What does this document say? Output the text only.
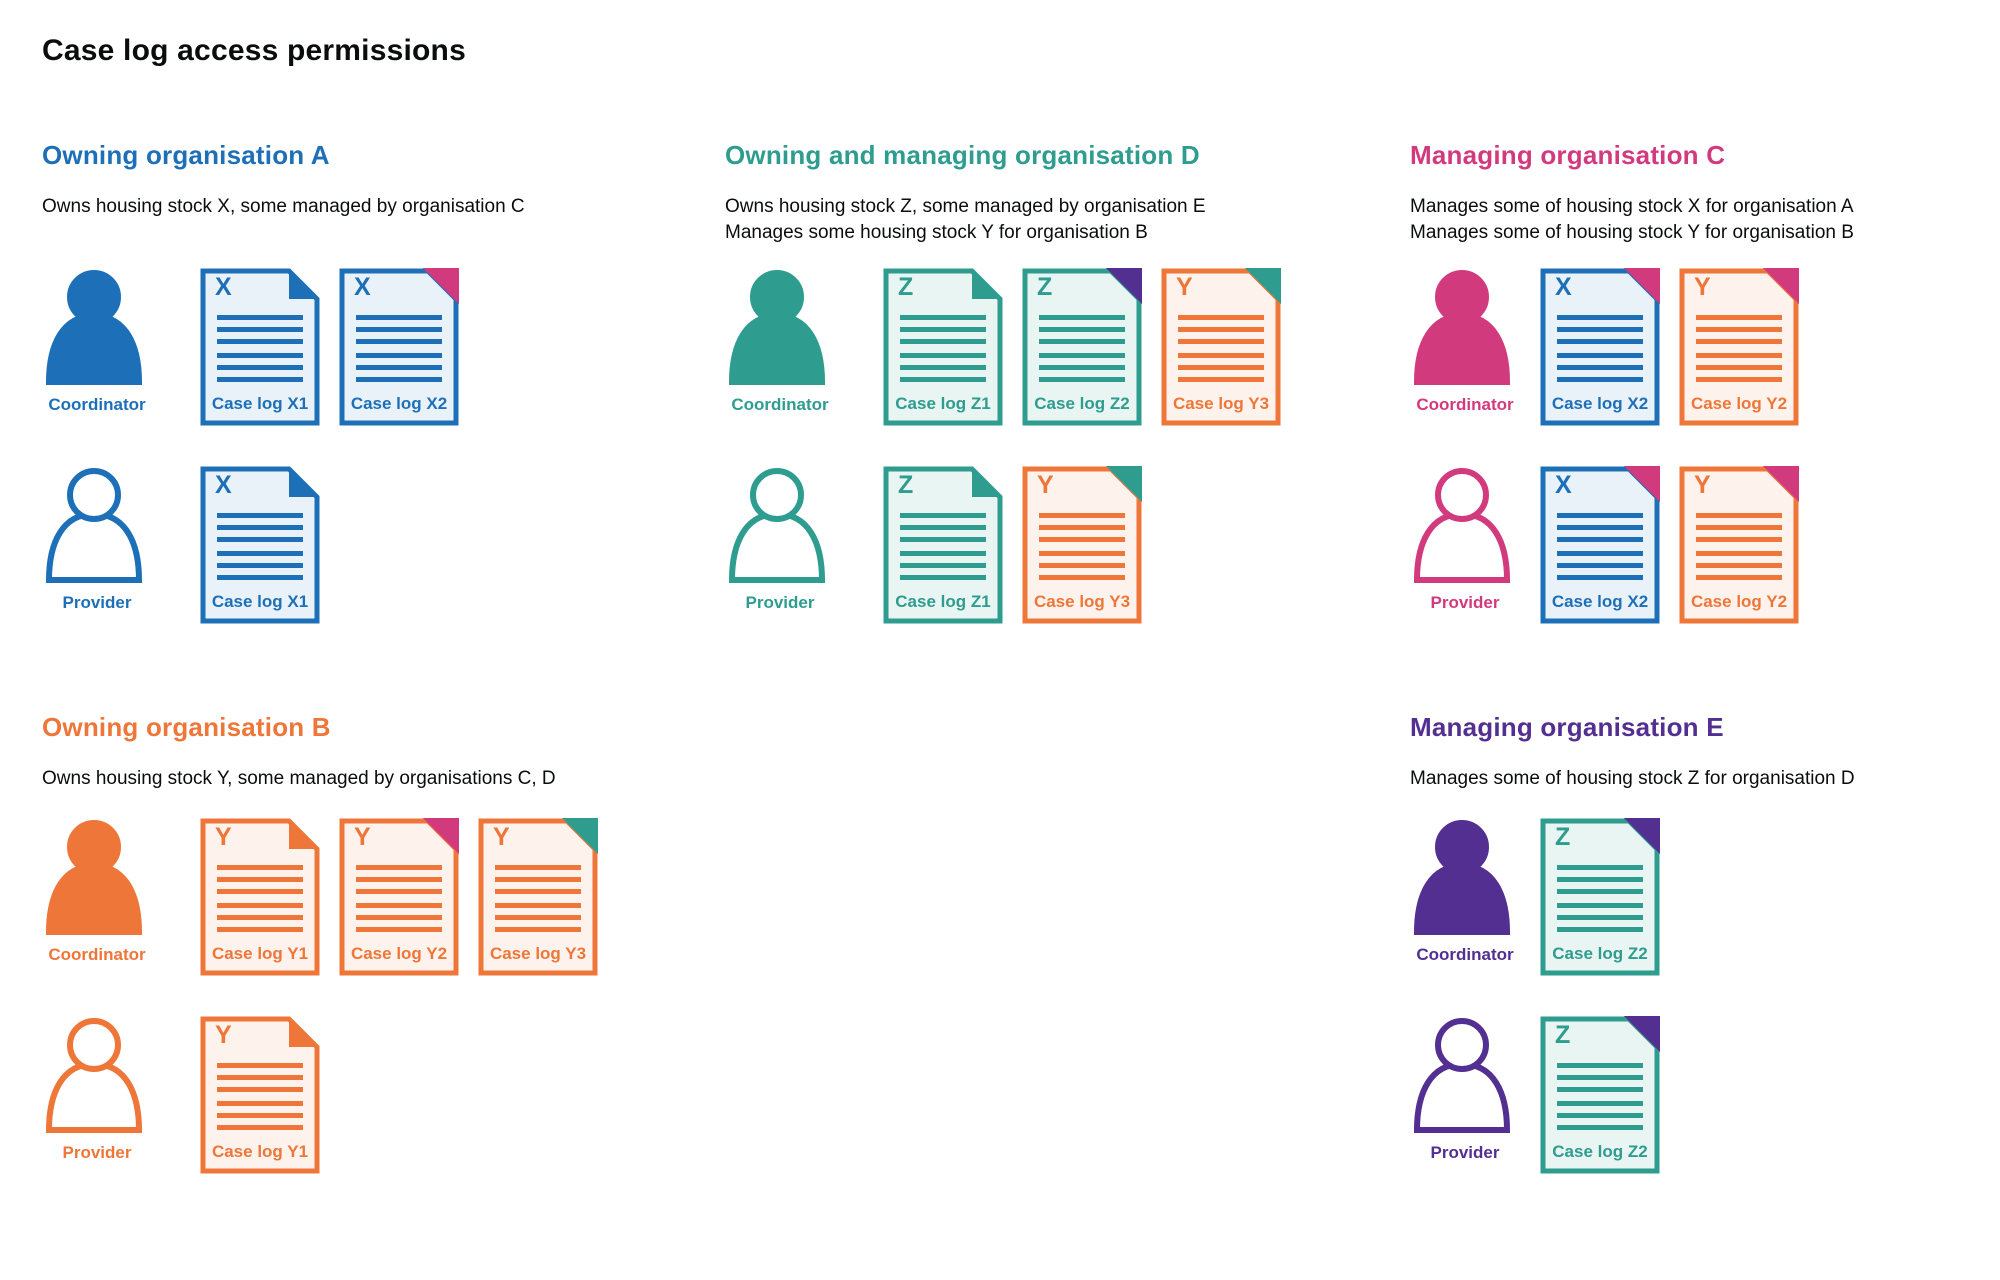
Case log access permissions
Owning organisation A

Owns housing stock X, some managed by organisation C

Coordinator
X
Case log X1
X
Case log X2
Provider
X
Case log X1
Owning and managing organisation D

Owns housing stock Z, some managed by organisation E
Manages some housing stock Y for organisation B

Coordinator
Z
Case log Z1
Z
Case log Z2
Y
Case log Y3
Provider
Z
Case log Z1
Y
Case log Y3
Managing organisation C

Manages some of housing stock X for organisation A
Manages some of housing stock Y for organisation B

Coordinator
X
Case log X2
Y
Case log Y2
Provider
X
Case log X2
Y
Case log Y2
Owning organisation B

Owns housing stock Y, some managed by organisations C, D

Coordinator
Y
Case log Y1
Y
Case log Y2
Y
Case log Y3
Provider
Y
Case log Y1
Managing organisation E

Manages some of housing stock Z for organisation D

Coordinator
Z
Case log Z2
Provider
Z
Case log Z2
